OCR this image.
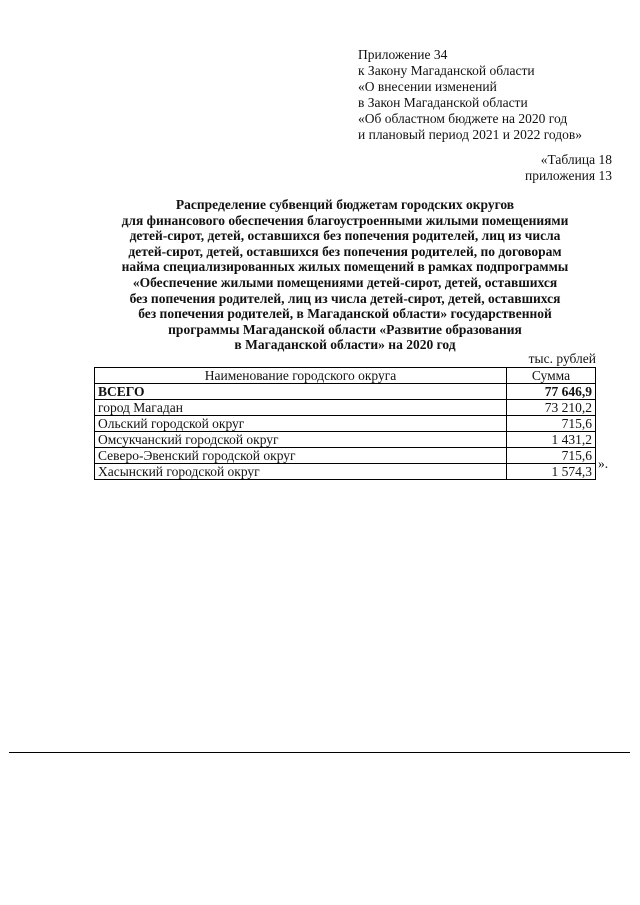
Приложение 34
к Закону Магаданской области
«О внесении изменений
в Закон Магаданской области
«Об областном бюджете на 2020 год
и плановый период 2021 и 2022 годов»
«Таблица 18
приложения 13
Распределение субвенций бюджетам городских округов
для финансового обеспечения благоустроенными жилыми помещениями
детей-сирот, детей, оставшихся без попечения родителей, лиц из числа
детей-сирот, детей, оставшихся без попечения родителей, по договорам
найма специализированных жилых помещений в рамках подпрограммы
«Обеспечение жилыми помещениями детей-сирот, детей, оставшихся
без попечения родителей, лиц из числа детей-сирот, детей, оставшихся
без попечения родителей, в Магаданской области» государственной
программы Магаданской области «Развитие образования
в Магаданской области» на 2020 год
тыс. рублей
Наименование городского округа	Сумма
ВСЕГО	77 646,9
город Магадан	73 210,2
Ольский городской округ	715,6
Омсукчанский городской округ	1 431,2
Северо-Эвенский городской округ	715,6
Хасынский городской округ	1 574,3
».
